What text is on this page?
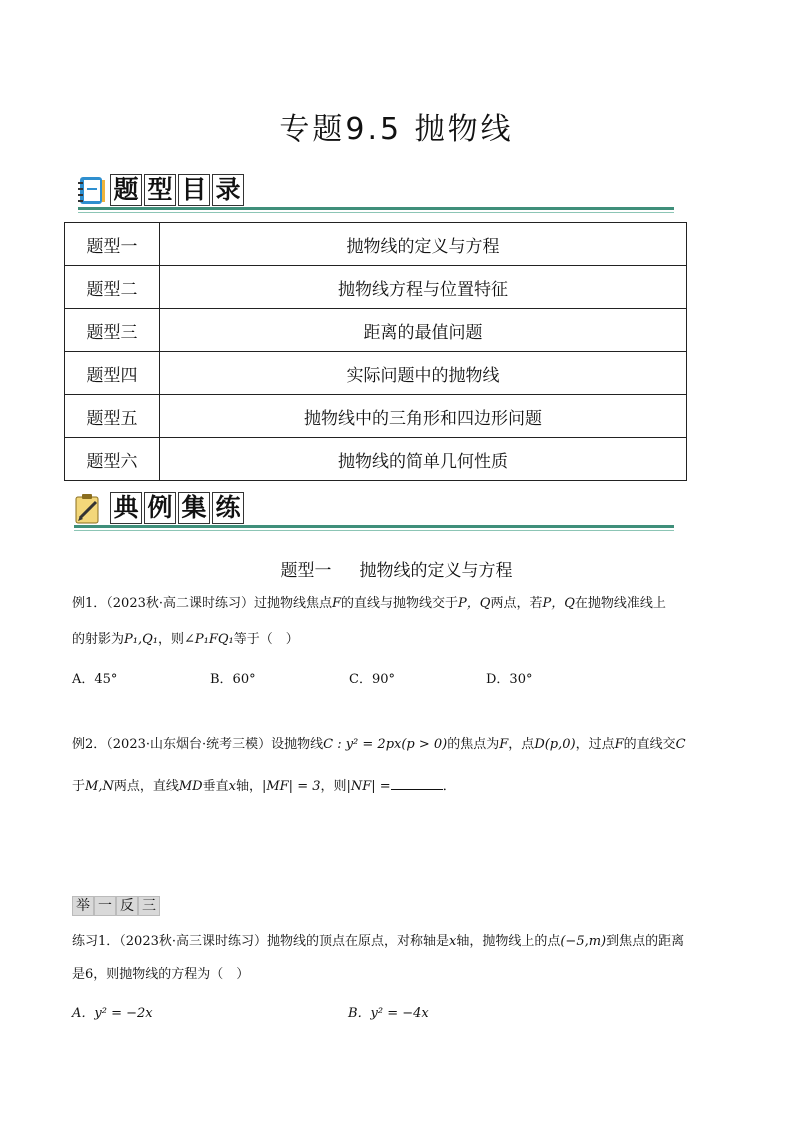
专题9.5 抛物线
题 型 目 录
题型一	抛物线的定义与方程
题型二	抛物线方程与位置特征
题型三	距离的最值问题
题型四	实际问题中的抛物线
题型五	抛物线中的三角形和四边形问题
题型六	抛物线的简单几何性质
典 例 集 练
题型一 抛物线的定义与方程
例1．（2023秋·高二课时练习）过抛物线焦点F的直线与抛物线交于P，Q两点，若P，Q在抛物线准线上
的射影为P₁,Q₁，则∠P₁FQ₁等于（　）
A．45°	B．60°	C．90°	D．30°
例2．（2023·山东烟台·统考三模）设抛物线C : y² = 2px(p > 0)的焦点为F，点D(p,0)，过点F的直线交C
于M,N两点，直线MD垂直x轴，|MF| = 3，则|NF| =	．
举 一 反 三
练习1．（2023秋·高三课时练习）抛物线的顶点在原点，对称轴是x轴，抛物线上的点(−5,m)到焦点的距离
是6，则抛物线的方程为（　）
A．y² = −2x	B．y² = −4x
